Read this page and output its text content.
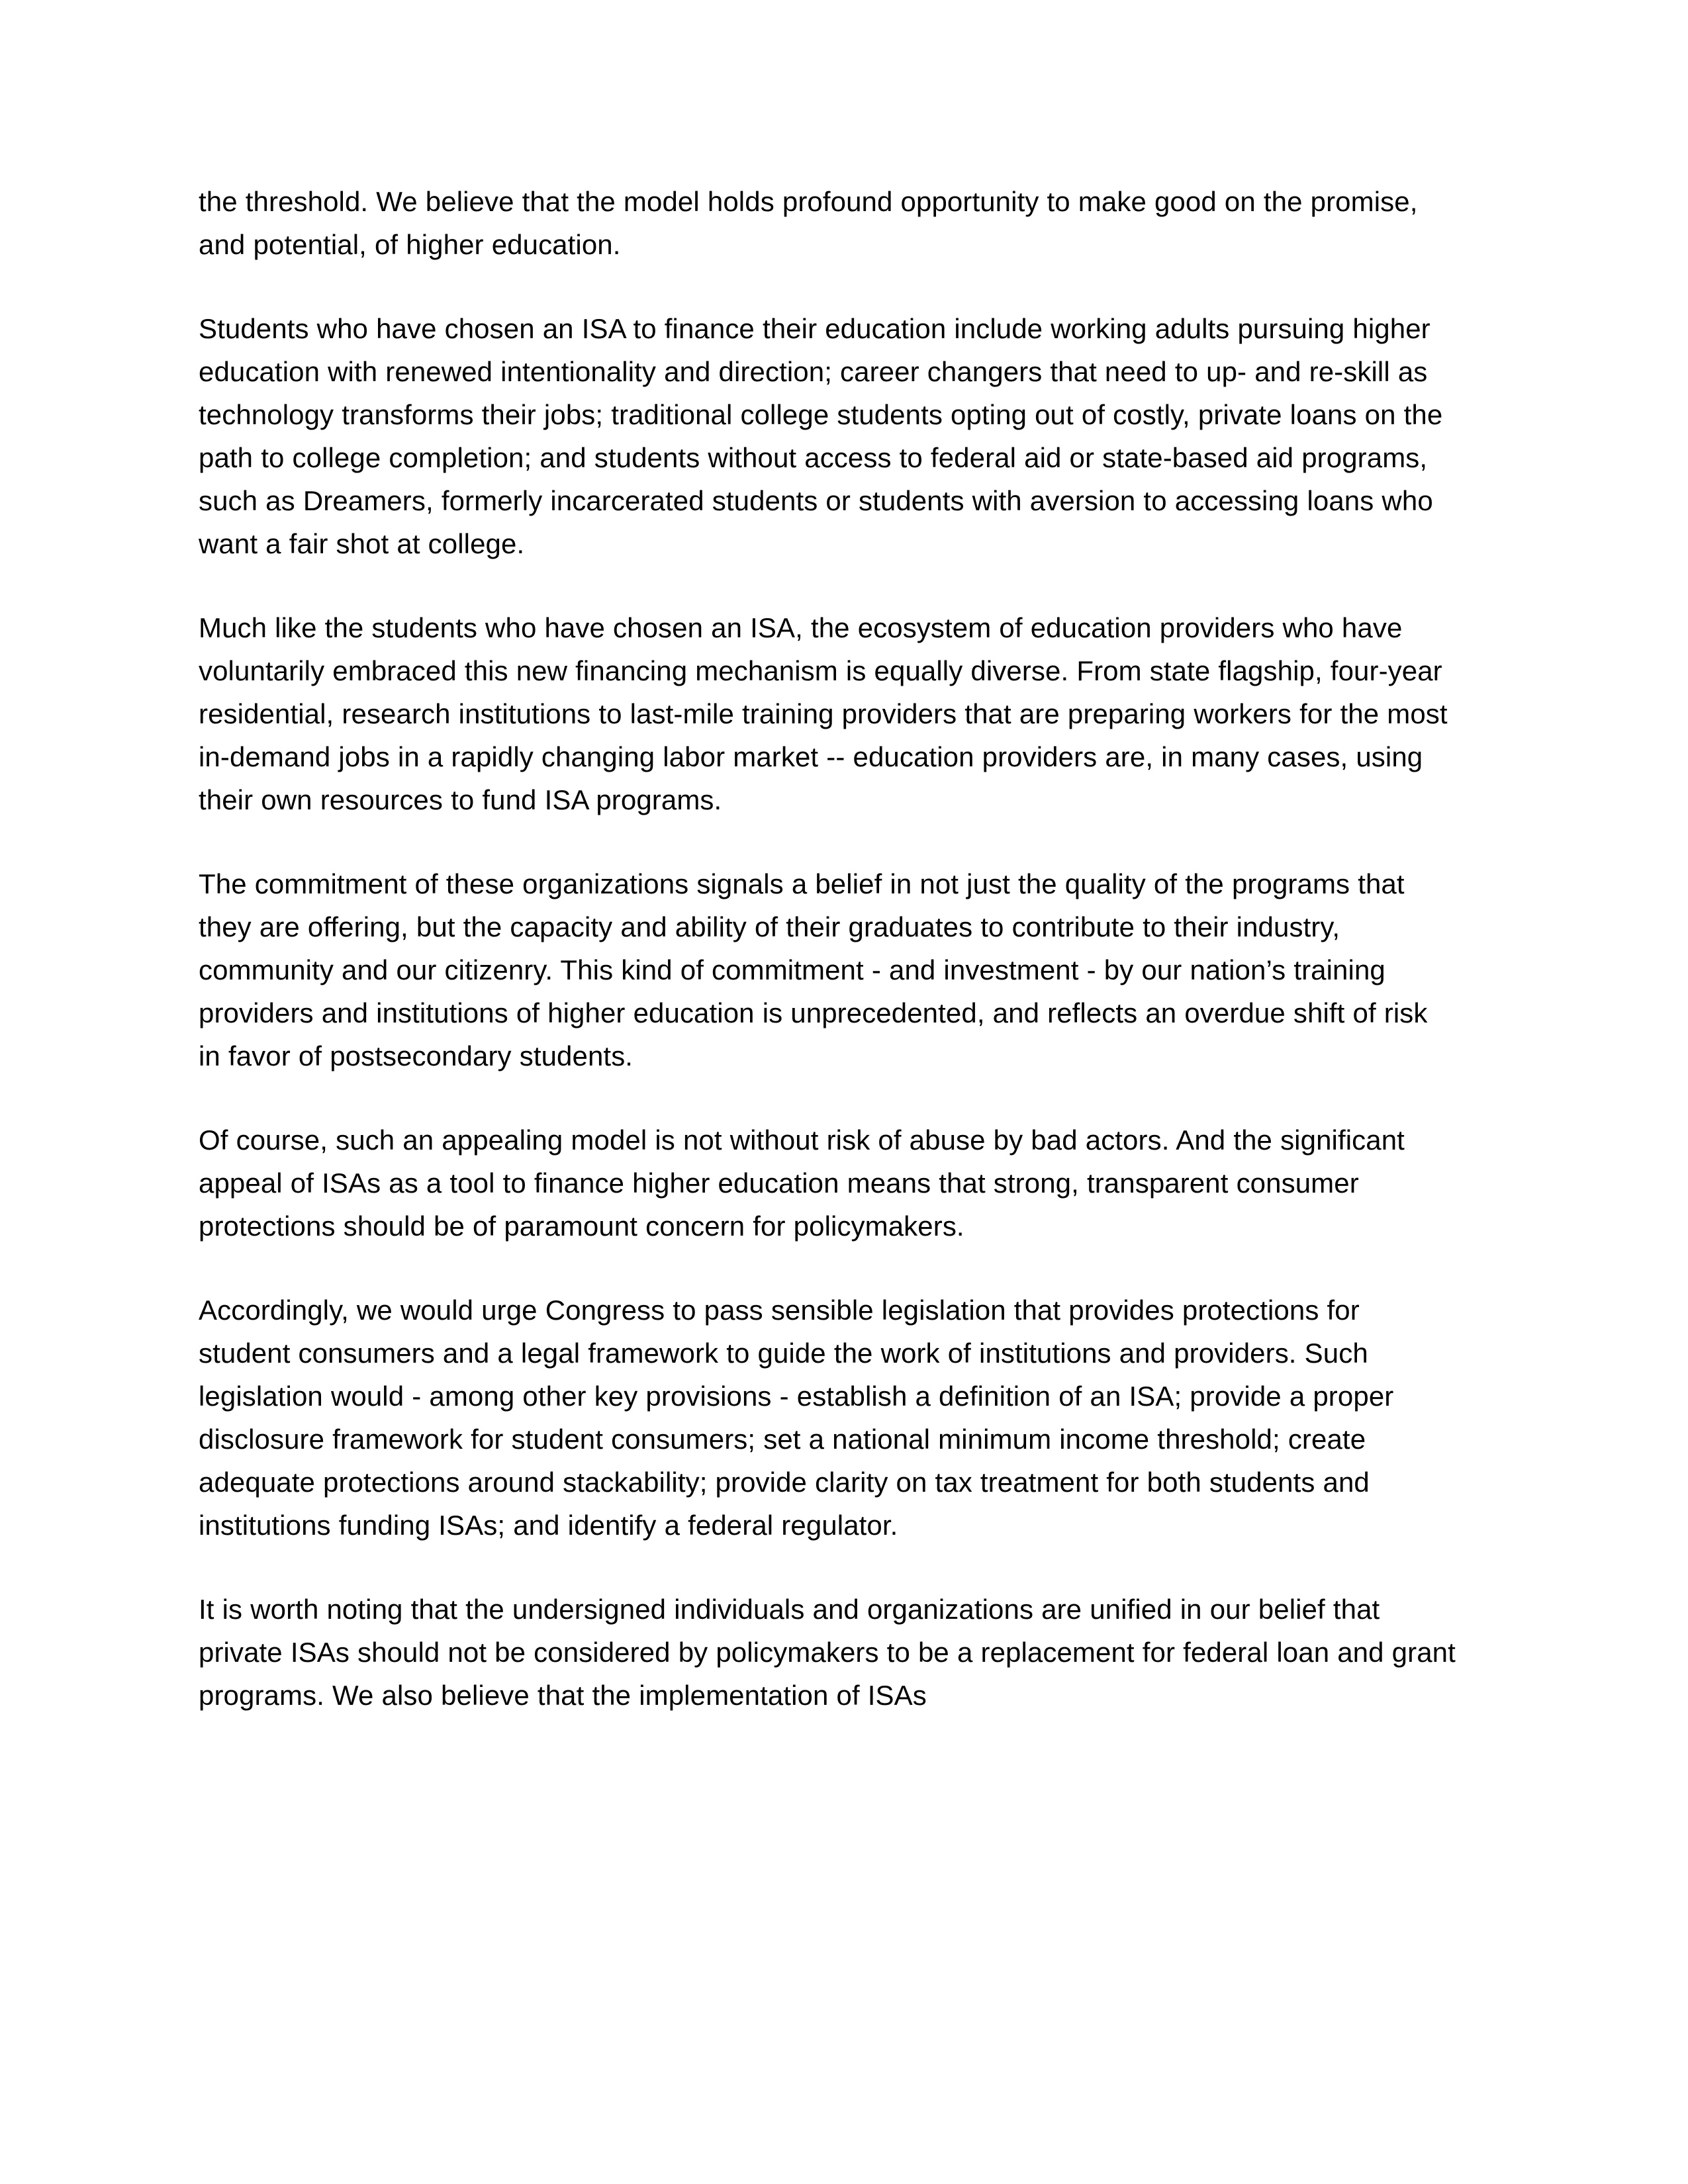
the threshold. We believe that the model holds profound opportunity to make good on the promise, and potential, of higher education.

Students who have chosen an ISA to finance their education include working adults pursuing higher education with renewed intentionality and direction; career changers that need to up- and re-skill as technology transforms their jobs; traditional college students opting out of costly, private loans on the path to college completion; and students without access to federal aid or state-based aid programs, such as Dreamers, formerly incarcerated students or students with aversion to accessing loans who want a fair shot at college.

Much like the students who have chosen an ISA, the ecosystem of education providers who have voluntarily embraced this new financing mechanism is equally diverse. From state flagship, four-year residential, research institutions to last-mile training providers that are preparing workers for the most in-demand jobs in a rapidly changing labor market -- education providers are, in many cases, using their own resources to fund ISA programs.

The commitment of these organizations signals a belief in not just the quality of the programs that they are offering, but the capacity and ability of their graduates to contribute to their industry, community and our citizenry. This kind of commitment - and investment - by our nation’s training providers and institutions of higher education is unprecedented, and reflects an overdue shift of risk in favor of postsecondary students.

Of course, such an appealing model is not without risk of abuse by bad actors. And the significant appeal of ISAs as a tool to finance higher education means that strong, transparent consumer protections should be of paramount concern for policymakers.

Accordingly, we would urge Congress to pass sensible legislation that provides protections for student consumers and a legal framework to guide the work of institutions and providers. Such legislation would - among other key provisions - establish a definition of an ISA; provide a proper disclosure framework for student consumers; set a national minimum income threshold; create adequate protections around stackability; provide clarity on tax treatment for both students and institutions funding ISAs; and identify a federal regulator.

It is worth noting that the undersigned individuals and organizations are unified in our belief that private ISAs should not be considered by policymakers to be a replacement for federal loan and grant programs. We also believe that the implementation of ISAs
